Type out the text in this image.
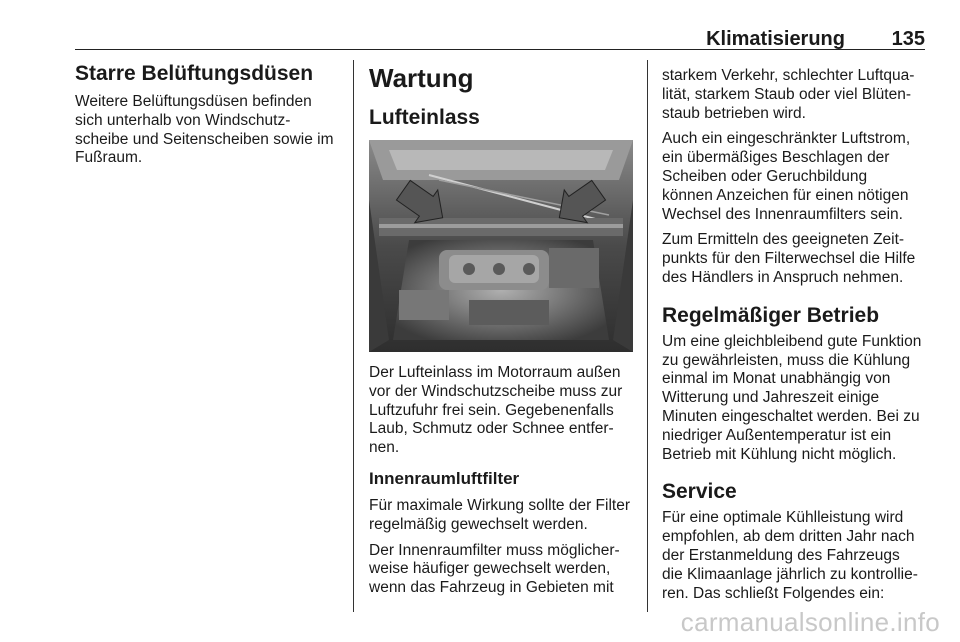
Klimatisierung 135
Starre Belüftungsdüsen

Weitere Belüftungsdüsen befinden
sich unterhalb von Windschutz-
scheibe und Seitenscheiben sowie im
Fußraum.

Wartung
Lufteinlass

Der Lufteinlass im Motorraum außen
vor der Windschutzscheibe muss zur
Luftzufuhr frei sein. Gegebenenfalls
Laub, Schmutz oder Schnee entfer-
nen.

Innenraumluftfilter

Für maximale Wirkung sollte der Filter
regelmäßig gewechselt werden.

Der Innenraumfilter muss möglicher-
weise häufiger gewechselt werden,
wenn das Fahrzeug in Gebieten mit

starkem Verkehr, schlechter Luftqua-
lität, starkem Staub oder viel Blüten-
staub betrieben wird.

Auch ein eingeschränkter Luftstrom,
ein übermäßiges Beschlagen der
Scheiben oder Geruchbildung
können Anzeichen für einen nötigen
Wechsel des Innenraumfilters sein.

Zum Ermitteln des geeigneten Zeit-
punkts für den Filterwechsel die Hilfe
des Händlers in Anspruch nehmen.

Regelmäßiger Betrieb

Um eine gleichbleibend gute Funktion
zu gewährleisten, muss die Kühlung
einmal im Monat unabhängig von
Witterung und Jahreszeit einige
Minuten eingeschaltet werden. Bei zu
niedriger Außentemperatur ist ein
Betrieb mit Kühlung nicht möglich.

Service

Für eine optimale Kühlleistung wird
empfohlen, ab dem dritten Jahr nach
der Erstanmeldung des Fahrzeugs
die Klimaanlage jährlich zu kontrollie-
ren. Das schließt Folgendes ein:

carmanualsonline.info
